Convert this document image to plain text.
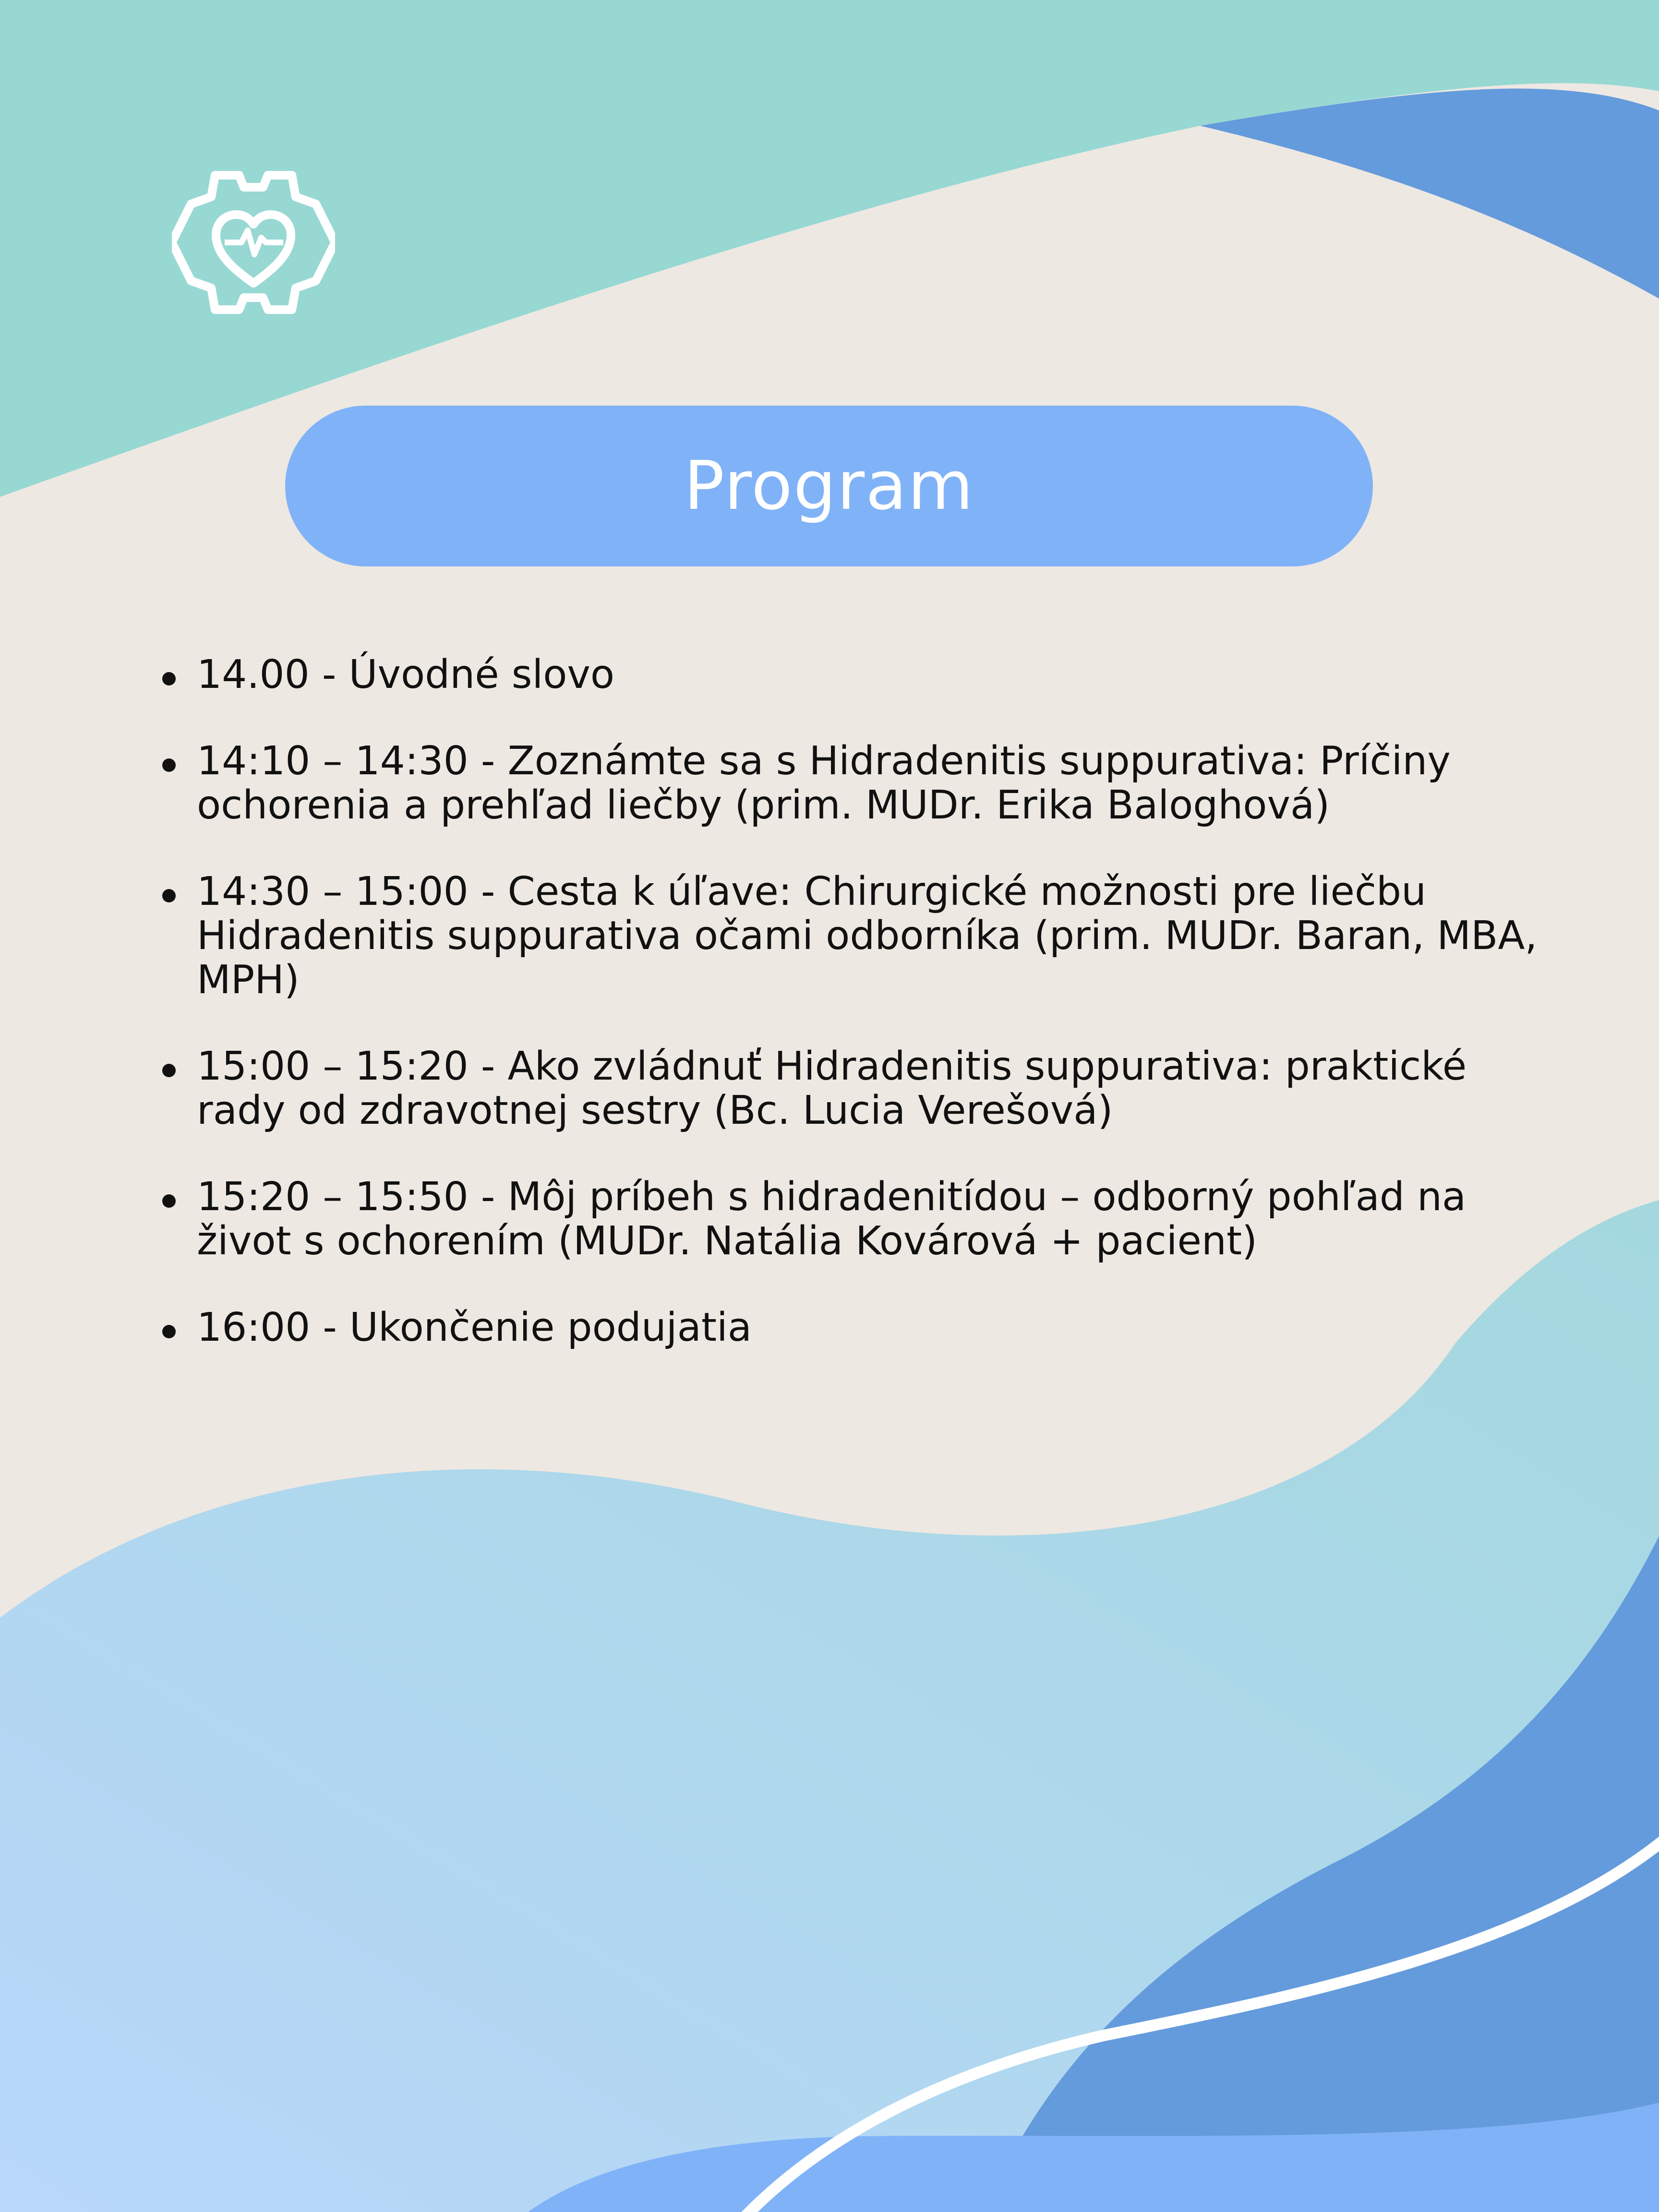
Program
14.00 - Úvodné slovo
14:10 – 14:30 - Zoznámte sa s Hidradenitis suppurativa: Príčiny ochorenia a prehľad liečby (prim. MUDr. Erika Baloghová)
14:30 – 15:00 - Cesta k úľave: Chirurgické možnosti pre liečbu Hidradenitis suppurativa očami odborníka (prim. MUDr. Baran, MBA, MPH)
15:00 – 15:20 - Ako zvládnuť Hidradenitis suppurativa: praktické rady od zdravotnej sestry (Bc. Lucia Verešová)
15:20 – 15:50 - Môj príbeh s hidradenitídou – odborný pohľad na život s ochorením (MUDr. Natália Kovárová + pacient)
16:00 - Ukončenie podujatia
